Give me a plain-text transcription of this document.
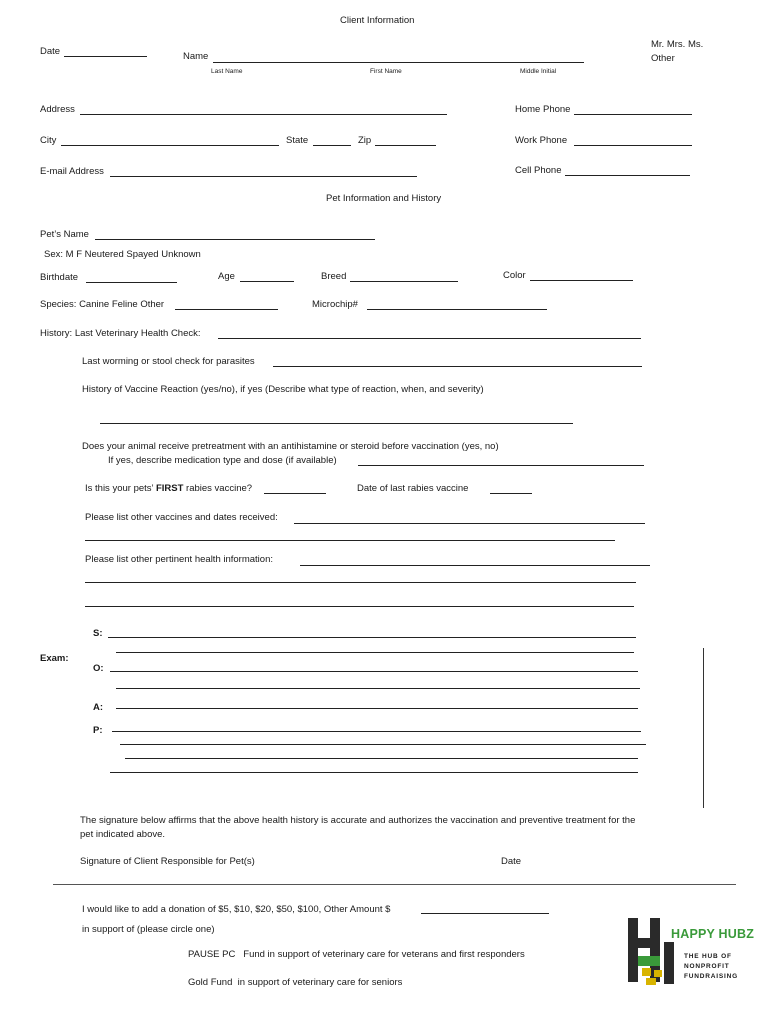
Client Information
Mr. Mrs. Ms.
Other
Date	Name
Last Name	First Name	Middle Initial
Address	Home Phone
City	State	Zip	Work Phone
E-mail Address	Cell Phone
Pet Information and History
Pet’s Name
Sex: M F Neutered Spayed Unknown
Birthdate	Age	Breed	Color
Species: Canine Feline Other	Microchip#
History: Last Veterinary Health Check:
Last worming or stool check for parasites
History of Vaccine Reaction (yes/no), if yes (Describe what type of reaction, when, and severity)
Does your animal receive pretreatment with an antihistamine or steroid before vaccination (yes, no)
If yes, describe medication type and dose (if available)
Is this your pets’ FIRST rabies vaccine?	Date of last rabies vaccine
Please list other vaccines and dates received:
Please list other pertinent health information:
Exam:
S:
O:
A:
P:
The signature below affirms that the above health history is accurate and authorizes the vaccination and preventive treatment for the
pet indicated above.
Signature of Client Responsible for Pet(s)	Date
I would like to add a donation of $5, $10, $20, $50, $100, Other Amount $
in support of (please circle one)
PAUSE PC Fund in support of veterinary care for veterans and first responders
Gold Fund in support of veterinary care for seniors
HAPPY HUBZ
THE HUB OF
NONPROFIT
FUNDRAISING
